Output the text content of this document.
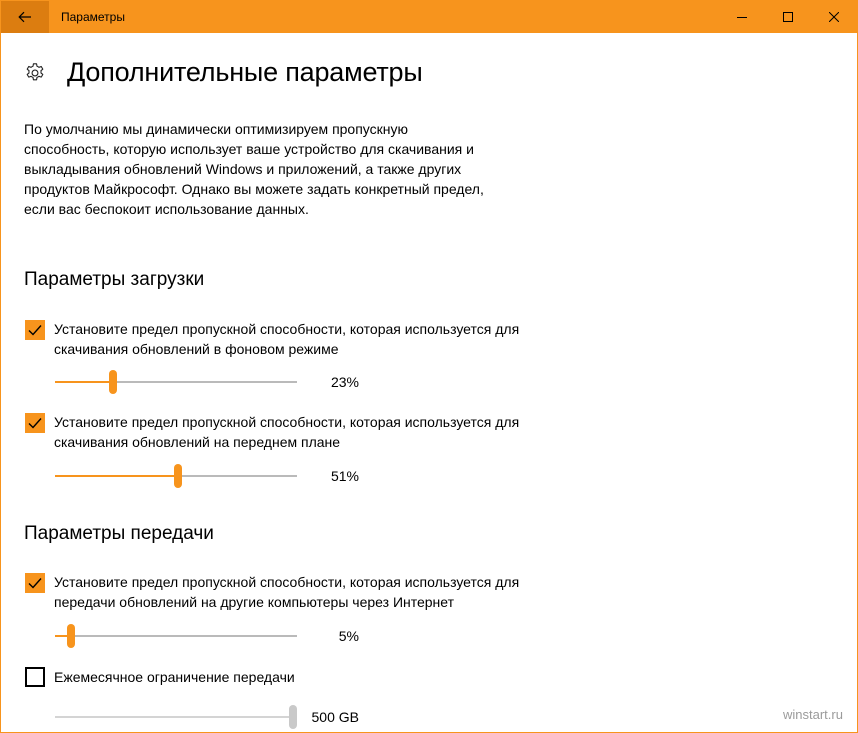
Параметры
Дополнительные параметры
По умолчанию мы динамически оптимизируем пропускную способность, которую использует ваше устройство для скачивания и выкладывания обновлений Windows и приложений, а также других продуктов Майкрософт. Однако вы можете задать конкретный предел, если вас беспокоит использование данных.
Параметры загрузки
Установите предел пропускной способности, которая используется для скачивания обновлений в фоновом режиме
23%
Установите предел пропускной способности, которая используется для скачивания обновлений на переднем плане
51%
Параметры передачи
Установите предел пропускной способности, которая используется для передачи обновлений на другие компьютеры через Интернет
5%
Ежемесячное ограничение передачи
500 GB	winstart.ru
